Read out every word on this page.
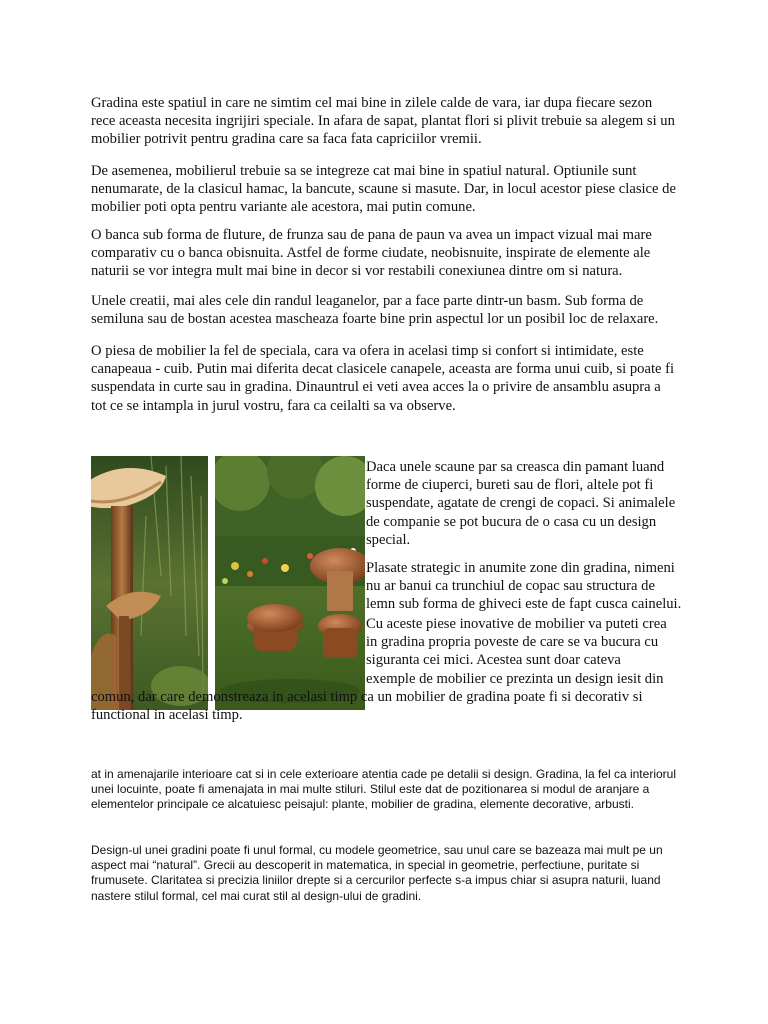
Gradina este spatiul in care ne simtim cel mai bine in zilele calde de vara, iar dupa fiecare sezon rece aceasta necesita ingrijiri speciale. In afara de sapat, plantat flori si plivit trebuie sa alegem si un mobilier potrivit pentru gradina care sa faca fata capriciilor vremii.

De asemenea, mobilierul trebuie sa se integreze cat mai bine in spatiul natural. Optiunile sunt nenumarate, de la clasicul hamac, la bancute, scaune si masute. Dar, in locul acestor piese clasice de mobilier poti opta pentru variante ale acestora, mai putin comune.

O banca sub forma de fluture, de frunza sau de pana de paun va avea un impact vizual mai mare comparativ cu o banca obisnuita. Astfel de forme ciudate, neobisnuite, inspirate de elemente ale naturii se vor integra mult mai bine in decor si vor restabili conexiunea dintre om si natura.

Unele creatii, mai ales cele din randul leaganelor, par a face parte dintr-un basm. Sub forma de semiluna sau de bostan acestea mascheaza foarte bine prin aspectul lor un posibil loc de relaxare.

O piesa de mobilier la fel de speciala, cara va ofera in acelasi timp si confort si intimidate, este canapeaua - cuib. Putin mai diferita decat clasicele canapele, aceasta are forma unui cuib, si poate fi suspendata in curte sau in gradina. Dinauntrul ei veti avea acces la o privire de ansamblu asupra a tot ce se intampla in jurul vostru, fara ca ceilalti sa va observe.

Daca unele scaune par sa creasca din pamant luand forme de ciuperci, bureti sau de flori, altele pot fi suspendate, agatate de crengi de copaci. Si animalele de companie se pot bucura de o casa cu un design special.

Plasate strategic in anumite zone din gradina, nimeni nu ar banui ca trunchiul de copac sau structura de lemn sub forma de ghiveci este de fapt cusca cainelui.

Cu aceste piese inovative de mobilier va puteti crea
in gradina propria poveste de care se va bucura cu
siguranta cei mici. Acestea sunt doar cateva
exemple de mobilier ce prezinta un design iesit din
comun, dar care demonstreaza in acelasi timp ca un mobilier de gradina poate fi si decorativ si
functional in acelasi timp.

at in amenajarile interioare cat si in cele exterioare atentia cade pe detalii si design. Gradina, la fel ca interiorul unei locuinte, poate fi amenajata in mai multe stiluri. Stilul este dat de pozitionarea si modul de aranjare a elementelor principale ce alcatuiesc peisajul: plante, mobilier de gradina, elemente decorative, arbusti.

Design-ul unei gradini poate fi unul formal, cu modele geometrice, sau unul care se bazeaza mai mult pe un aspect mai “natural”. Grecii au descoperit in matematica, in special in geometrie, perfectiune, puritate si frumusete. Claritatea si precizia liniilor drepte si a cercurilor perfecte s-a impus chiar si asupra naturii, luand nastere stilul formal, cel mai curat stil al design-ului de gradini.
